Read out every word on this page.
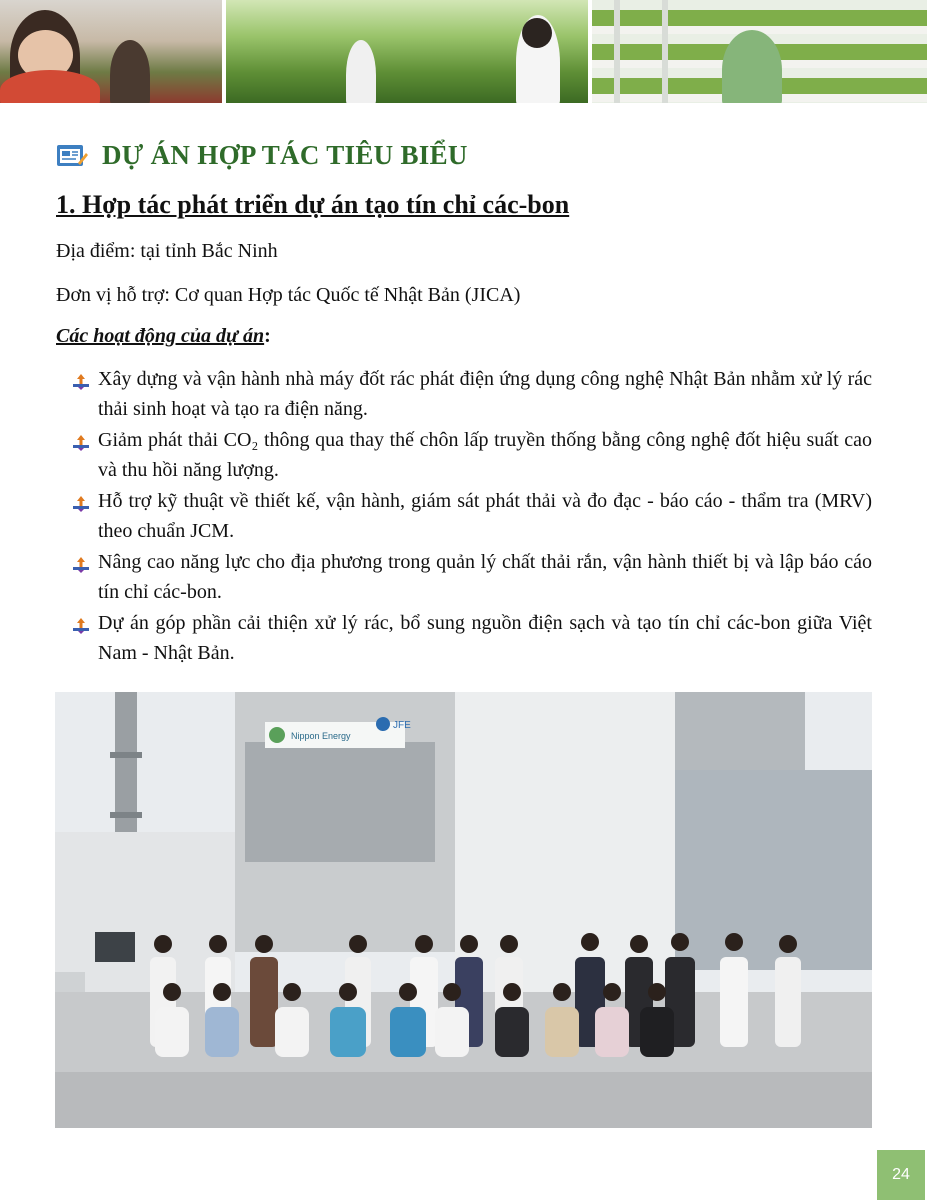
DỰ ÁN HỢP TÁC TIÊU BIỂU
1. Hợp tác phát triển dự án tạo tín chỉ các-bon
Địa điểm: tại tỉnh Bắc Ninh
Đơn vị hỗ trợ: Cơ quan Hợp tác Quốc tế Nhật Bản (JICA)
Các hoạt động của dự án:
Xây dựng và vận hành nhà máy đốt rác phát điện ứng dụng công nghệ Nhật Bản nhằm xử lý rác thải sinh hoạt và tạo ra điện năng.
Giảm phát thải CO₂ thông qua thay thế chôn lấp truyền thống bằng công nghệ đốt hiệu suất cao và thu hồi năng lượng.
Hỗ trợ kỹ thuật về thiết kế, vận hành, giám sát phát thải và đo đạc - báo cáo - thẩm tra (MRV) theo chuẩn JCM.
Nâng cao năng lực cho địa phương trong quản lý chất thải rắn, vận hành thiết bị và lập báo cáo tín chỉ các-bon.
Dự án góp phần cải thiện xử lý rác, bổ sung nguồn điện sạch và tạo tín chỉ các-bon giữa Việt Nam - Nhật Bản.
Nippon Energy
JFE
24
